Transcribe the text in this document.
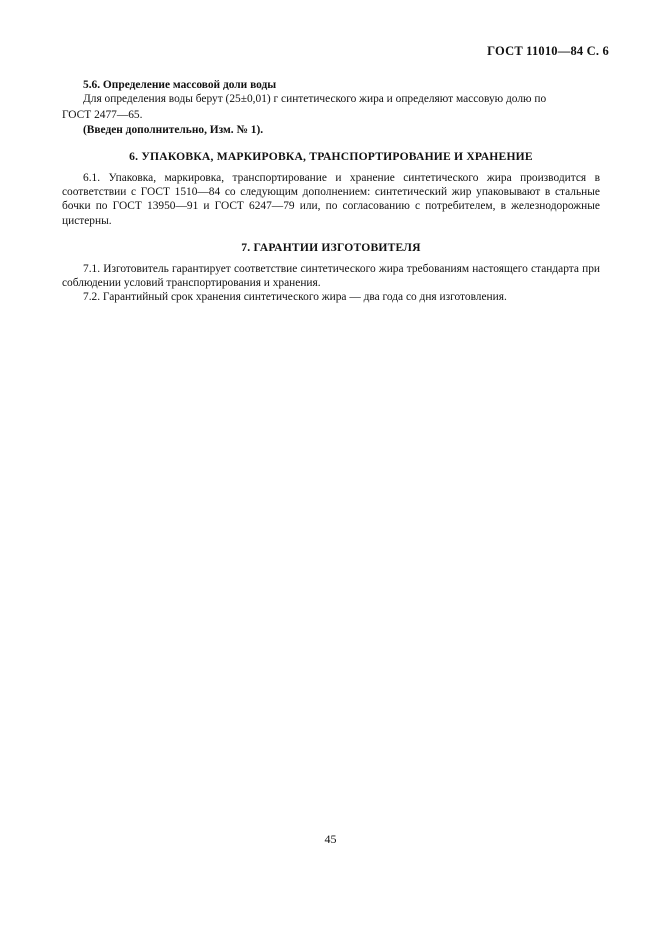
ГОСТ 11010—84 С. 6
5.6. Определение массовой доли воды
Для определения воды берут (25±0,01) г синтетического жира и определяют массовую долю по
ГОСТ 2477—65.
(Введен дополнительно, Изм. № 1).
6. УПАКОВКА, МАРКИРОВКА, ТРАНСПОРТИРОВАНИЕ И ХРАНЕНИЕ

6.1. Упаковка, маркировка, транспортирование и хранение синтетического жира производится в соответствии с ГОСТ 1510—84 со следующим дополнением: синтетический жир упаковывают в стальные бочки по ГОСТ 13950—91 и ГОСТ 6247—79 или, по согласованию с потребителем, в железнодорожные цистерны.

7. ГАРАНТИИ ИЗГОТОВИТЕЛЯ

7.1. Изготовитель гарантирует соответствие синтетического жира требованиям настоящего стандарта при соблюдении условий транспортирования и хранения.

7.2. Гарантийный срок хранения синтетического жира — два года со дня изготовления.

45
